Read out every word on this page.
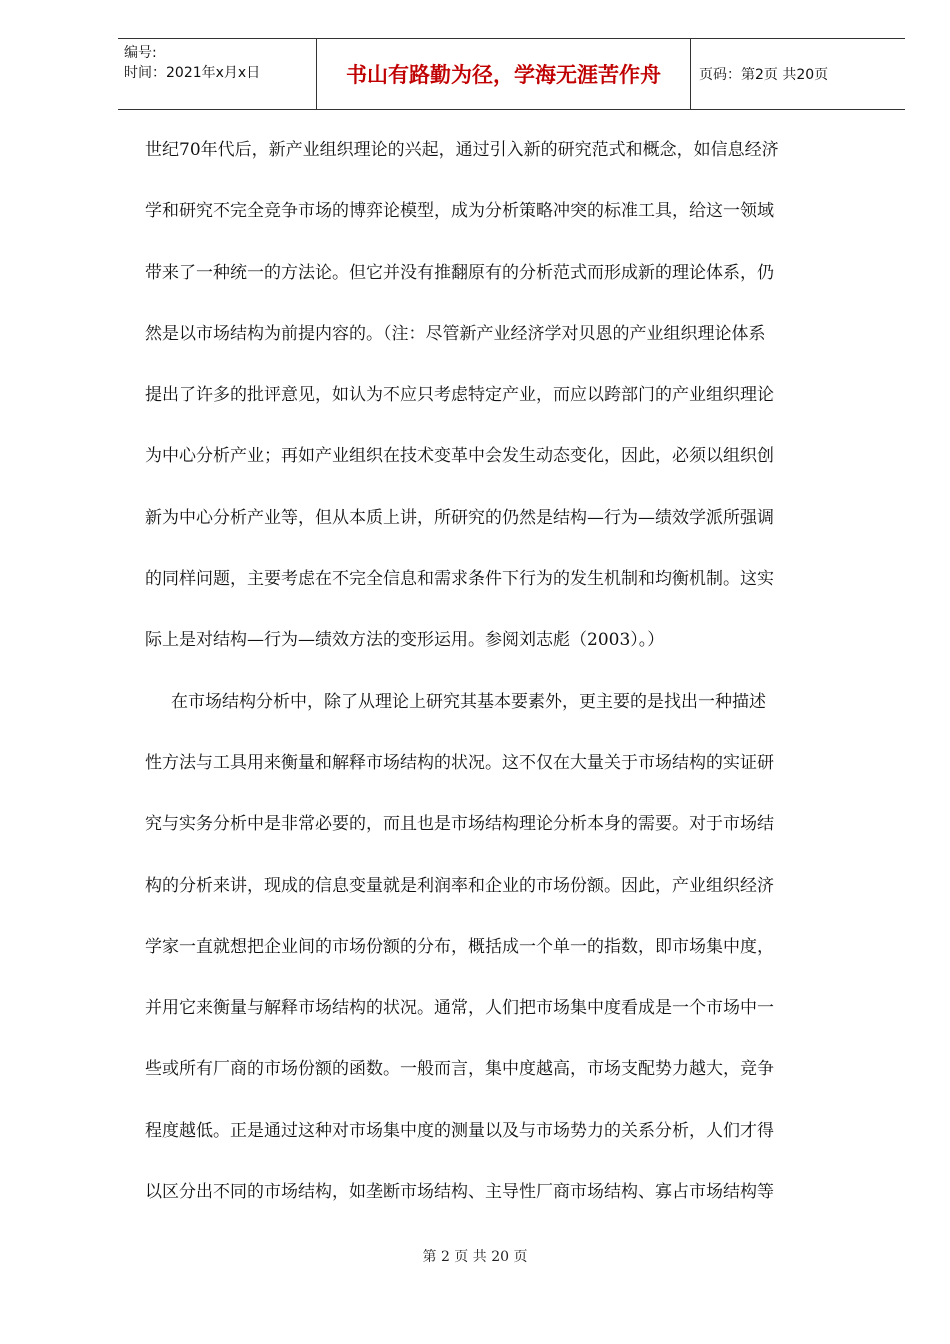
编号:
时间：2021年x月x日	书山有路勤为径，学海无涯苦作舟	页码：第2页 共20页

世纪70年代后，新产业组织理论的兴起，通过引入新的研究范式和概念，如信息经济

学和研究不完全竞争市场的博弈论模型，成为分析策略冲突的标准工具，给这一领域

带来了一种统一的方法论。但它并没有推翻原有的分析范式而形成新的理论体系，仍

然是以市场结构为前提内容的。（注：尽管新产业经济学对贝恩的产业组织理论体系

提出了许多的批评意见，如认为不应只考虑特定产业，而应以跨部门的产业组织理论

为中心分析产业；再如产业组织在技术变革中会发生动态变化，因此，必须以组织创

新为中心分析产业等，但从本质上讲，所研究的仍然是结构—行为—绩效学派所强调

的同样问题，主要考虑在不完全信息和需求条件下行为的发生机制和均衡机制。这实

际上是对结构—行为—绩效方法的变形运用。参阅刘志彪（2003）。）

在市场结构分析中，除了从理论上研究其基本要素外，更主要的是找出一种描述

性方法与工具用来衡量和解释市场结构的状况。这不仅在大量关于市场结构的实证研

究与实务分析中是非常必要的，而且也是市场结构理论分析本身的需要。对于市场结

构的分析来讲，现成的信息变量就是利润率和企业的市场份额。因此，产业组织经济

学家一直就想把企业间的市场份额的分布，概括成一个单一的指数，即市场集中度，

并用它来衡量与解释市场结构的状况。通常，人们把市场集中度看成是一个市场中一

些或所有厂商的市场份额的函数。一般而言，集中度越高，市场支配势力越大，竞争

程度越低。正是通过这种对市场集中度的测量以及与市场势力的关系分析，人们才得

以区分出不同的市场结构，如垄断市场结构、主导性厂商市场结构、寡占市场结构等

第 2 页 共 20 页
